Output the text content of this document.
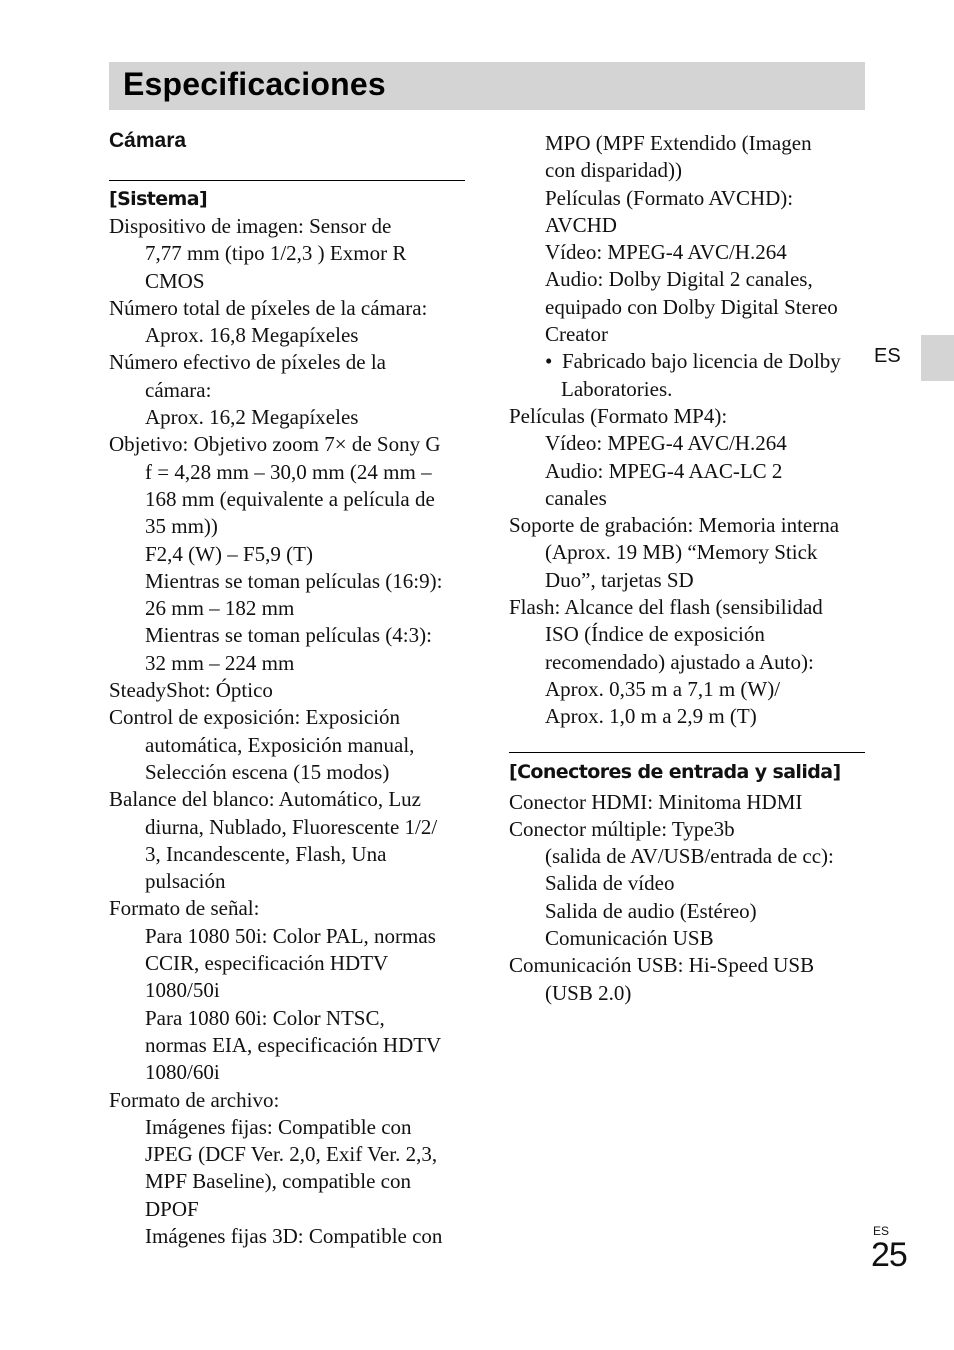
Especificaciones
Cámara
[Sistema]
Dispositivo de imagen: Sensor de
7,77 mm (tipo 1/2,3 ) Exmor R
CMOS
Número total de píxeles de la cámara:
Aprox. 16,8 Megapíxeles
Número efectivo de píxeles de la
cámara:
Aprox. 16,2 Megapíxeles
Objetivo: Objetivo zoom 7× de Sony G
f = 4,28 mm – 30,0 mm (24 mm –
168 mm (equivalente a película de
35 mm))
F2,4 (W) – F5,9 (T)
Mientras se toman películas (16:9):
26 mm – 182 mm
Mientras se toman películas (4:3):
32 mm – 224 mm
SteadyShot: Óptico
Control de exposición: Exposición
automática, Exposición manual,
Selección escena (15 modos)
Balance del blanco: Automático, Luz
diurna, Nublado, Fluorescente 1/2/
3, Incandescente, Flash, Una
pulsación
Formato de señal:
Para 1080 50i: Color PAL, normas
CCIR, especificación HDTV
1080/50i
Para 1080 60i: Color NTSC,
normas EIA, especificación HDTV
1080/60i
Formato de archivo:
Imágenes fijas: Compatible con
JPEG (DCF Ver. 2,0, Exif Ver. 2,3,
MPF Baseline), compatible con
DPOF
Imágenes fijas 3D: Compatible con
MPO (MPF Extendido (Imagen
con disparidad))
Películas (Formato AVCHD):
AVCHD
Vídeo: MPEG-4 AVC/H.264
Audio: Dolby Digital 2 canales,
equipado con Dolby Digital Stereo
Creator
• Fabricado bajo licencia de Dolby
Laboratories.
Películas (Formato MP4):
Vídeo: MPEG-4 AVC/H.264
Audio: MPEG-4 AAC-LC 2
canales
Soporte de grabación: Memoria interna
(Aprox. 19 MB) “Memory Stick
Duo”, tarjetas SD
Flash: Alcance del flash (sensibilidad
ISO (Índice de exposición
recomendado) ajustado a Auto):
Aprox. 0,35 m a 7,1 m (W)/
Aprox. 1,0 m a 2,9 m (T)
[Conectores de entrada y salida]
Conector HDMI: Minitoma HDMI
Conector múltiple: Type3b
(salida de AV/USB/entrada de cc):
Salida de vídeo
Salida de audio (Estéreo)
Comunicación USB
Comunicación USB: Hi-Speed USB
(USB 2.0)
ES
ES
25
